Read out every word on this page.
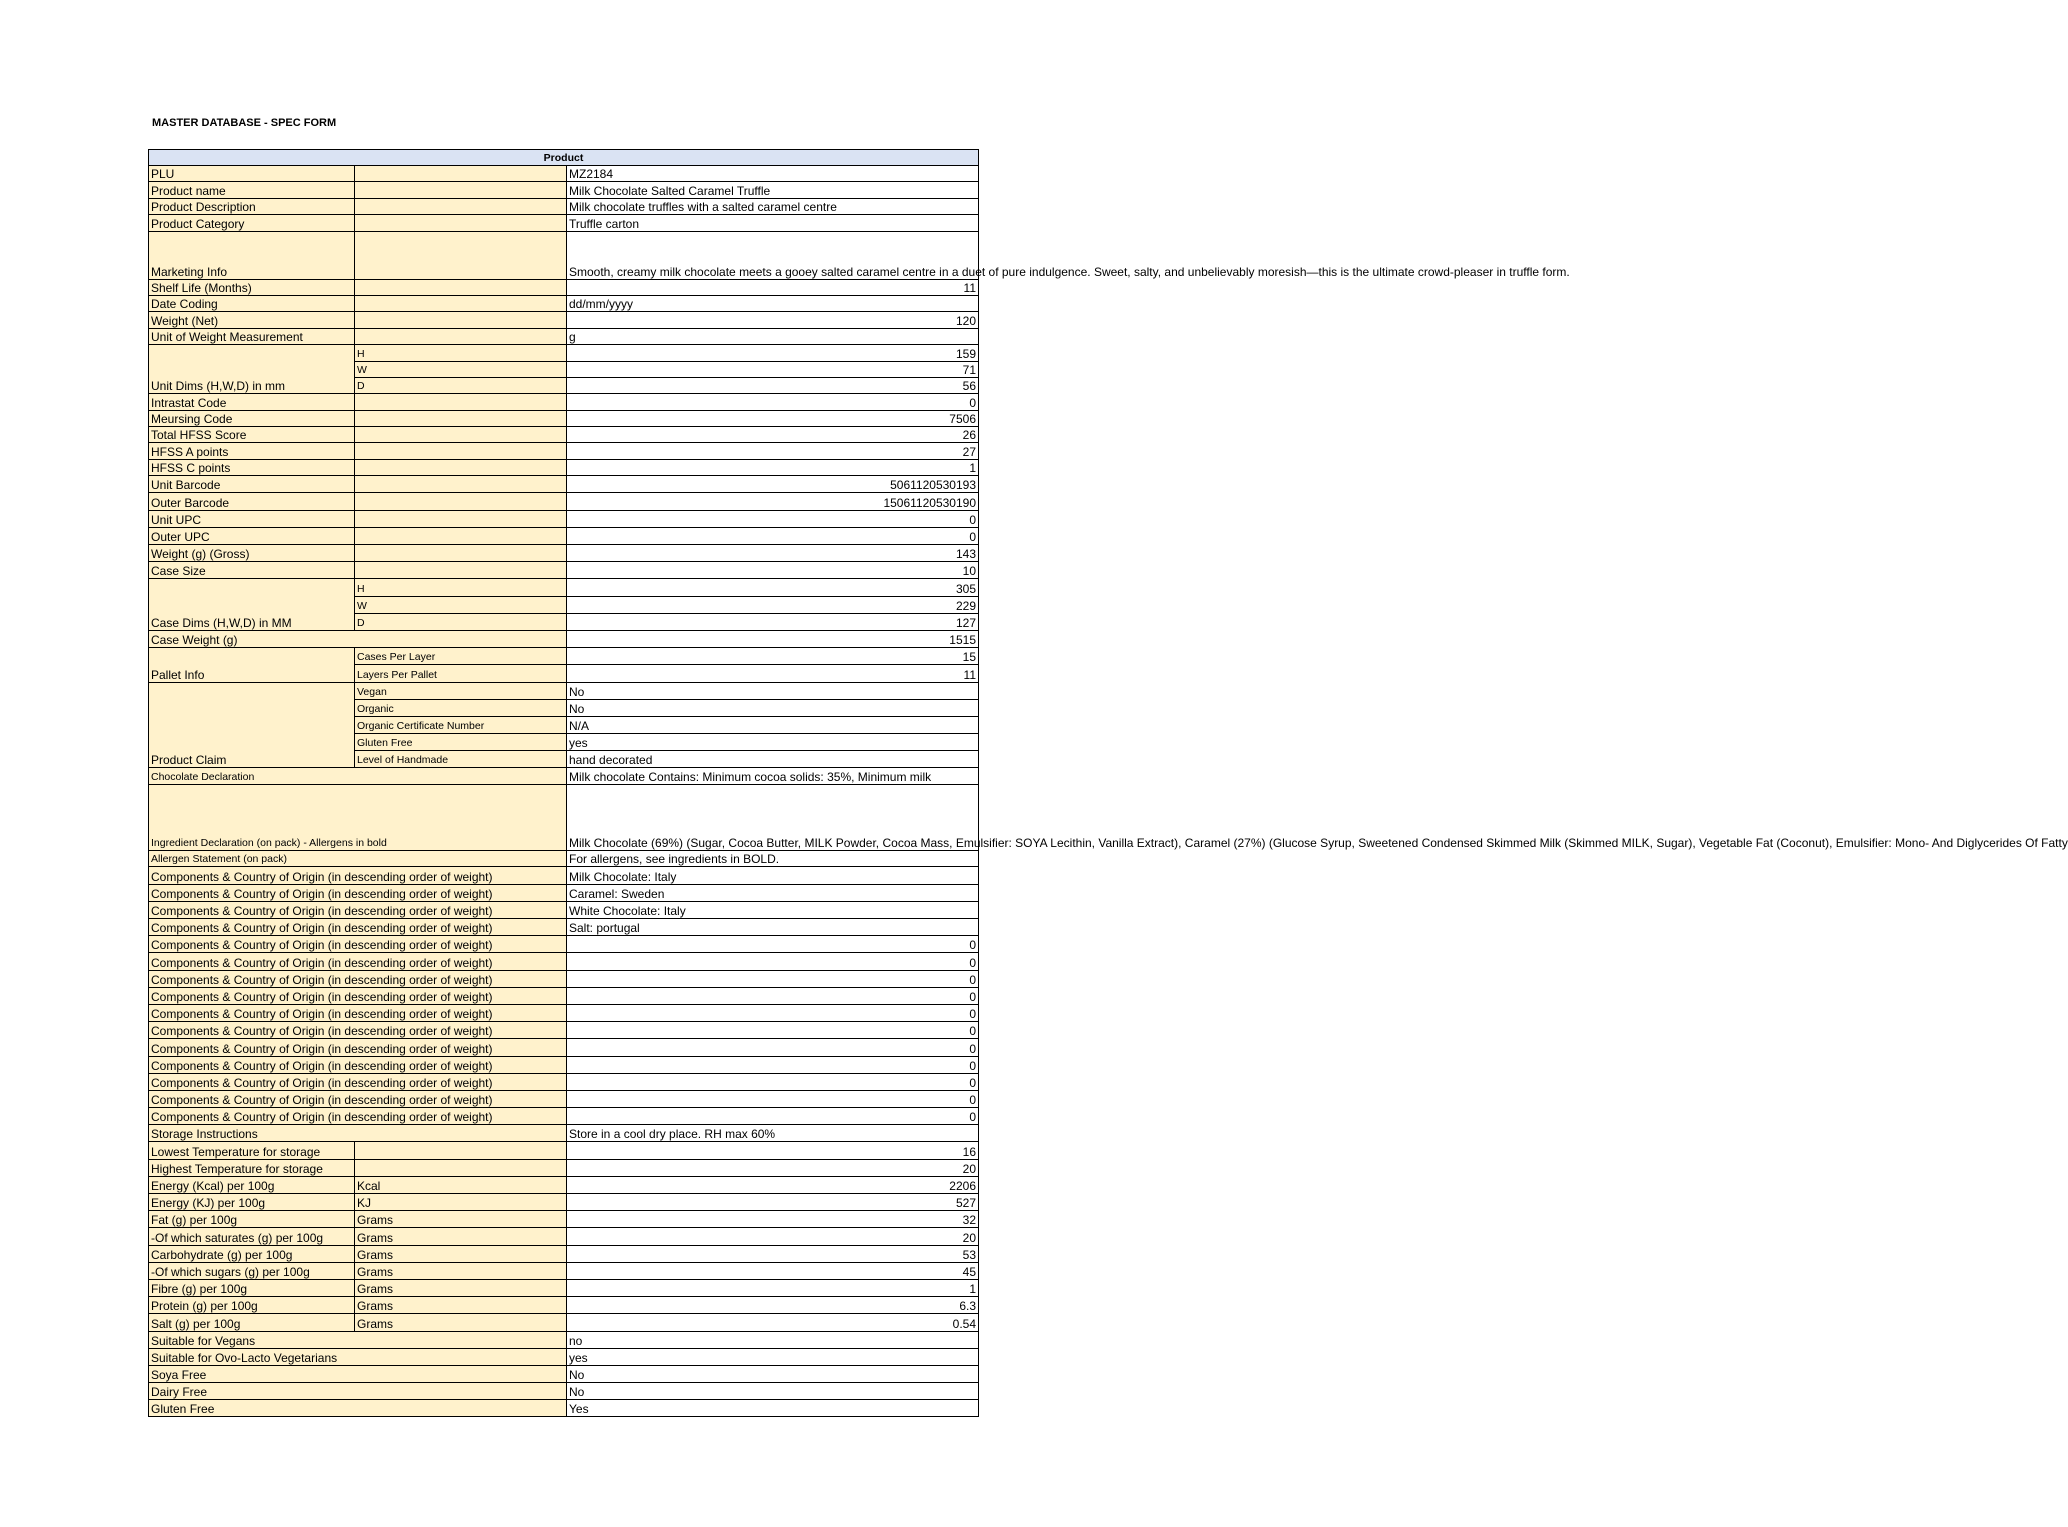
MASTER DATABASE - SPEC FORM
Product		
PLU		MZ2184
Product name		Milk Chocolate Salted Caramel Truffle
Product Description		Milk chocolate truffles with a salted caramel centre
Product Category		Truffle carton
Marketing Info		Smooth, creamy milk chocolate meets a gooey salted caramel centre in a duet of pure indulgence. Sweet, salty, and unbelievably moresish—this is the ultimate crowd-pleaser in truffle form.
Shelf Life (Months)		11
Date Coding		dd/mm/yyyy
Weight (Net)		120
Unit of Weight Measurement		g
Unit Dims (H,W,D) in mm	H	159
	W	71
	D	56
Intrastat Code		0
Meursing Code		7506
Total HFSS Score		26
HFSS A points		27
HFSS C points		1
Unit Barcode		5061120530193
Outer Barcode		15061120530190
Unit UPC		0
Outer UPC		0
Weight (g) (Gross)		143
Case Size		10
Case Dims (H,W,D) in MM	H	305
	W	229
	D	127
Case Weight (g)		1515
Pallet Info	Cases Per Layer	15
	Layers Per Pallet	11
Product Claim	Vegan	No
	Organic	No
	Organic Certificate Number	N/A
	Gluten Free	yes
	Level of Handmade	hand decorated
Chocolate Declaration		Milk chocolate Contains: Minimum cocoa solids: 35%, Minimum milk
Ingredient Declaration (on pack) - Allergens in bold		Milk Chocolate (69%) (Sugar, Cocoa Butter, MILK Powder, Cocoa Mass, Emulsifier: SOYA Lecithin, Vanilla Extract), Caramel (27%) (Glucose Syrup, Sweetened Condensed Skimmed Milk (Skimmed MILK, Sugar), Vegetable Fat (Coconut), Emulsifier: Mono- And Diglycerides Of Fatty
Allergen Statement (on pack)		For allergens, see ingredients in BOLD.
Components & Country of Origin (in descending order of weight)		Milk Chocolate: Italy
Components & Country of Origin (in descending order of weight)		Caramel: Sweden
Components & Country of Origin (in descending order of weight)		White Chocolate: Italy
Components & Country of Origin (in descending order of weight)		Salt: portugal
Components & Country of Origin (in descending order of weight)		0
Components & Country of Origin (in descending order of weight)		0
Components & Country of Origin (in descending order of weight)		0
Components & Country of Origin (in descending order of weight)		0
Components & Country of Origin (in descending order of weight)		0
Components & Country of Origin (in descending order of weight)		0
Components & Country of Origin (in descending order of weight)		0
Components & Country of Origin (in descending order of weight)		0
Components & Country of Origin (in descending order of weight)		0
Components & Country of Origin (in descending order of weight)		0
Components & Country of Origin (in descending order of weight)		0
Storage Instructions		Store in a cool dry place. RH max 60%
Lowest Temperature for storage		16
Highest Temperature for storage		20
Energy (Kcal) per 100g	Kcal	2206
Energy (KJ) per 100g	KJ	527
Fat (g) per 100g	Grams	32
-Of which saturates (g) per 100g	Grams	20
Carbohydrate (g) per 100g	Grams	53
-Of which sugars (g) per 100g	Grams	45
Fibre (g) per 100g	Grams	1
Protein (g) per 100g	Grams	6.3
Salt (g) per 100g	Grams	0.54
Suitable for Vegans		no
Suitable for Ovo-Lacto Vegetarians		yes
Soya Free		No
Dairy Free		No
Gluten Free		Yes
